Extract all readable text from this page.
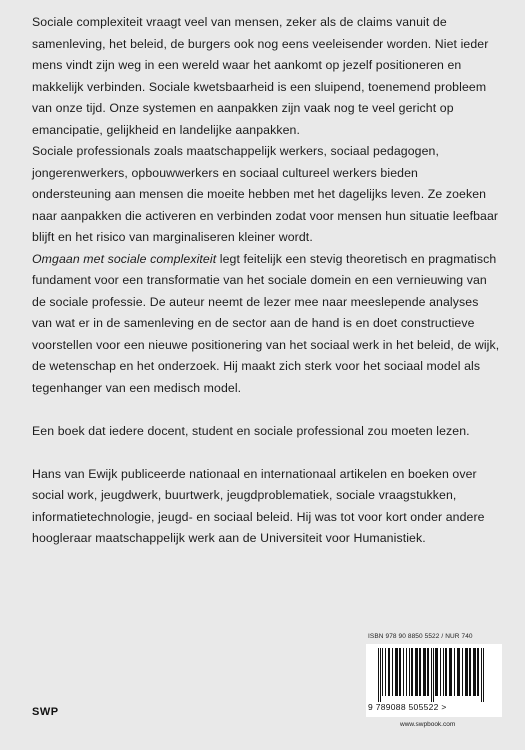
Sociale complexiteit vraagt veel van mensen, zeker als de claims vanuit de samenleving, het beleid, de burgers ook nog eens veeleisender worden. Niet ieder mens vindt zijn weg in een wereld waar het aankomt op jezelf positioneren en makkelijk verbinden. Sociale kwetsbaarheid is een sluipend, toenemend probleem van onze tijd. Onze systemen en aanpakken zijn vaak nog te veel gericht op emancipatie, gelijkheid en landelijke aanpakken.

Sociale professionals zoals maatschappelijk werkers, sociaal pedagogen, jongerenwerkers, opbouwwerkers en sociaal cultureel werkers bieden ondersteuning aan mensen die moeite hebben met het dagelijks leven. Ze zoeken naar aanpakken die activeren en verbinden zodat voor mensen hun situatie leefbaar blijft en het risico van marginaliseren kleiner wordt.

Omgaan met sociale complexiteit legt feitelijk een stevig theoretisch en pragmatisch fundament voor een transformatie van het sociale domein en een vernieuwing van de sociale professie. De auteur neemt de lezer mee naar meeslepende analyses van wat er in de samenleving en de sector aan de hand is en doet constructieve voorstellen voor een nieuwe positionering van het sociaal werk in het beleid, de wijk, de wetenschap en het onderzoek. Hij maakt zich sterk voor het sociaal model als tegenhanger van een medisch model.

Een boek dat iedere docent, student en sociale professional zou moeten lezen.

Hans van Ewijk publiceerde nationaal en internationaal artikelen en boeken over social work, jeugdwerk, buurtwerk, jeugdproblematiek, sociale vraagstukken, informatietechnologie, jeugd- en sociaal beleid. Hij was tot voor kort onder andere hoogleraar maatschappelijk werk aan de Universiteit voor Humanistiek.

ISBN 978 90 8850 5522 / NUR 740
9 789088 505522 >
www.swpbook.com
SWP
